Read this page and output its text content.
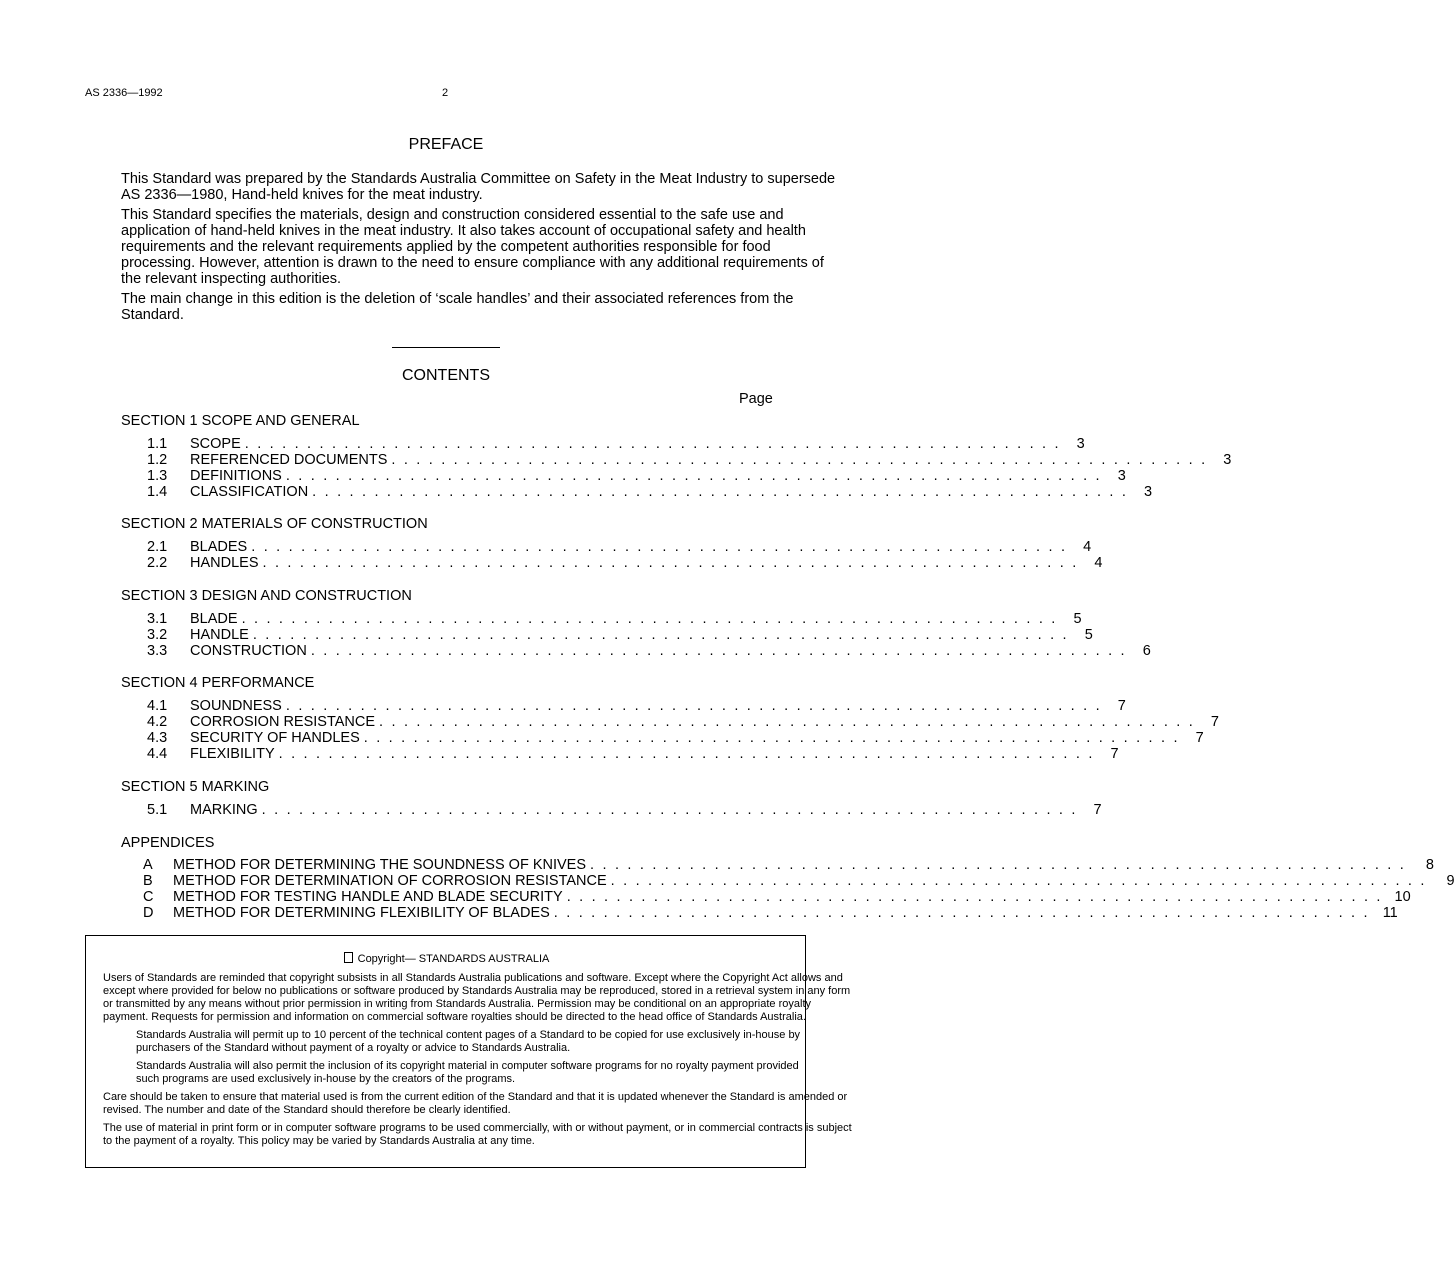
AS 2336—1992	2
PREFACE

This Standard was prepared by the Standards Australia Committee on Safety in the Meat Industry to supersede AS 2336—1980, Hand-held knives for the meat industry.

This Standard specifies the materials, design and construction considered essential to the safe use and application of hand-held knives in the meat industry. It also takes account of occupational safety and health requirements and the relevant requirements applied by the competent authorities responsible for food processing. However, attention is drawn to the need to ensure compliance with any additional requirements of the relevant inspecting authorities.

The main change in this edition is the deletion of ‘scale handles’ and their associated references from the Standard.

CONTENTS
Page
SECTION 1 SCOPE AND GENERAL
1.1	SCOPE . . . . . . . . . . . . . . . . . . . . . . . . . . . . . . . . . . . . . . . . . . . . . . . . . . . . . . . . . . . . . . . . . .	3
1.2	REFERENCED DOCUMENTS . . . . . . . . . . . . . . . . . . . . . . . . . . . . . . . . . . . . . . . . . . . . . . . . . . . . . . . . . . . . . . . . . .	3
1.3	DEFINITIONS . . . . . . . . . . . . . . . . . . . . . . . . . . . . . . . . . . . . . . . . . . . . . . . . . . . . . . . . . . . . . . . . . .	3
1.4	CLASSIFICATION . . . . . . . . . . . . . . . . . . . . . . . . . . . . . . . . . . . . . . . . . . . . . . . . . . . . . . . . . . . . . . . . . .	3
SECTION 2 MATERIALS OF CONSTRUCTION
2.1	BLADES . . . . . . . . . . . . . . . . . . . . . . . . . . . . . . . . . . . . . . . . . . . . . . . . . . . . . . . . . . . . . . . . . .	4
2.2	HANDLES . . . . . . . . . . . . . . . . . . . . . . . . . . . . . . . . . . . . . . . . . . . . . . . . . . . . . . . . . . . . . . . . . .	4
SECTION 3 DESIGN AND CONSTRUCTION
3.1	BLADE . . . . . . . . . . . . . . . . . . . . . . . . . . . . . . . . . . . . . . . . . . . . . . . . . . . . . . . . . . . . . . . . . .	5
3.2	HANDLE . . . . . . . . . . . . . . . . . . . . . . . . . . . . . . . . . . . . . . . . . . . . . . . . . . . . . . . . . . . . . . . . . .	5
3.3	CONSTRUCTION . . . . . . . . . . . . . . . . . . . . . . . . . . . . . . . . . . . . . . . . . . . . . . . . . . . . . . . . . . . . . . . . . .	6
SECTION 4 PERFORMANCE
4.1	SOUNDNESS . . . . . . . . . . . . . . . . . . . . . . . . . . . . . . . . . . . . . . . . . . . . . . . . . . . . . . . . . . . . . . . . . .	7
4.2	CORROSION RESISTANCE . . . . . . . . . . . . . . . . . . . . . . . . . . . . . . . . . . . . . . . . . . . . . . . . . . . . . . . . . . . . . . . . . .	7
4.3	SECURITY OF HANDLES . . . . . . . . . . . . . . . . . . . . . . . . . . . . . . . . . . . . . . . . . . . . . . . . . . . . . . . . . . . . . . . . . .	7
4.4	FLEXIBILITY . . . . . . . . . . . . . . . . . . . . . . . . . . . . . . . . . . . . . . . . . . . . . . . . . . . . . . . . . . . . . . . . . .	7
SECTION 5 MARKING
5.1	MARKING . . . . . . . . . . . . . . . . . . . . . . . . . . . . . . . . . . . . . . . . . . . . . . . . . . . . . . . . . . . . . . . . . .	7
APPENDICES
A	METHOD FOR DETERMINING THE SOUNDNESS OF KNIVES . . . . . . . . . . . . . . . . . . . . . . . . . . . . . . . . . . . . . . . . . . . . . . . . . . . . . . . . . . . . . . . . . .	8
B	METHOD FOR DETERMINATION OF CORROSION RESISTANCE . . . . . . . . . . . . . . . . . . . . . . . . . . . . . . . . . . . . . . . . . . . . . . . . . . . . . . . . . . . . . . . . . .	9
C	METHOD FOR TESTING HANDLE AND BLADE SECURITY . . . . . . . . . . . . . . . . . . . . . . . . . . . . . . . . . . . . . . . . . . . . . . . . . . . . . . . . . . . . . . . . . . 10
D	METHOD FOR DETERMINING FLEXIBILITY OF BLADES . . . . . . . . . . . . . . . . . . . . . . . . . . . . . . . . . . . . . . . . . . . . . . . . . . . . . . . . . . . . . . . . . . 11
Copyright— STANDARDS AUSTRALIA

Users of Standards are reminded that copyright subsists in all Standards Australia publications and software. Except where the Copyright Act allows and except where provided for below no publications or software produced by Standards Australia may be reproduced, stored in a retrieval system in any form or transmitted by any means without prior permission in writing from Standards Australia. Permission may be conditional on an appropriate royalty payment. Requests for permission and information on commercial software royalties should be directed to the head office of Standards Australia.

Standards Australia will permit up to 10 percent of the technical content pages of a Standard to be copied for use exclusively in-house by purchasers of the Standard without payment of a royalty or advice to Standards Australia.

Standards Australia will also permit the inclusion of its copyright material in computer software programs for no royalty payment provided such programs are used exclusively in-house by the creators of the programs.

Care should be taken to ensure that material used is from the current edition of the Standard and that it is updated whenever the Standard is amended or revised. The number and date of the Standard should therefore be clearly identified.

The use of material in print form or in computer software programs to be used commercially, with or without payment, or in commercial contracts is subject to the payment of a royalty. This policy may be varied by Standards Australia at any time.
